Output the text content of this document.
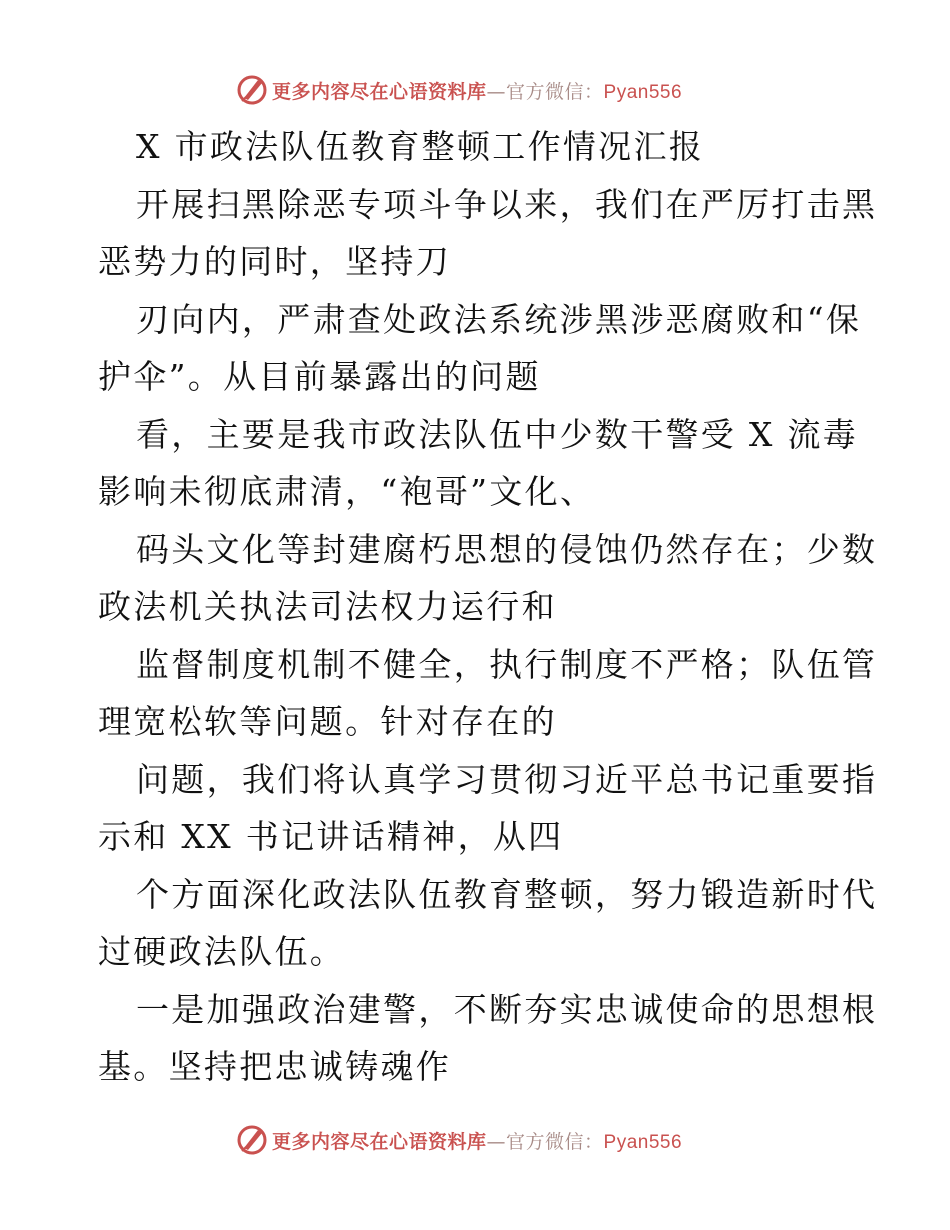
更多内容尽在心语资料库—官方微信：Pyan556
X 市政法队伍教育整顿工作情况汇报
开展扫黑除恶专项斗争以来，我们在严厉打击黑
恶势力的同时，坚持刀
刃向内，严肃查处政法系统涉黑涉恶腐败和“保
护伞”。从目前暴露出的问题
看，主要是我市政法队伍中少数干警受 X 流毒
影响未彻底肃清，“袍哥”文化、
码头文化等封建腐朽思想的侵蚀仍然存在；少数
政法机关执法司法权力运行和
监督制度机制不健全，执行制度不严格；队伍管
理宽松软等问题。针对存在的
问题，我们将认真学习贯彻习近平总书记重要指
示和 XX 书记讲话精神，从四
个方面深化政法队伍教育整顿，努力锻造新时代
过硬政法队伍。
一是加强政治建警，不断夯实忠诚使命的思想根
基。坚持把忠诚铸魂作
更多内容尽在心语资料库—官方微信：Pyan556
